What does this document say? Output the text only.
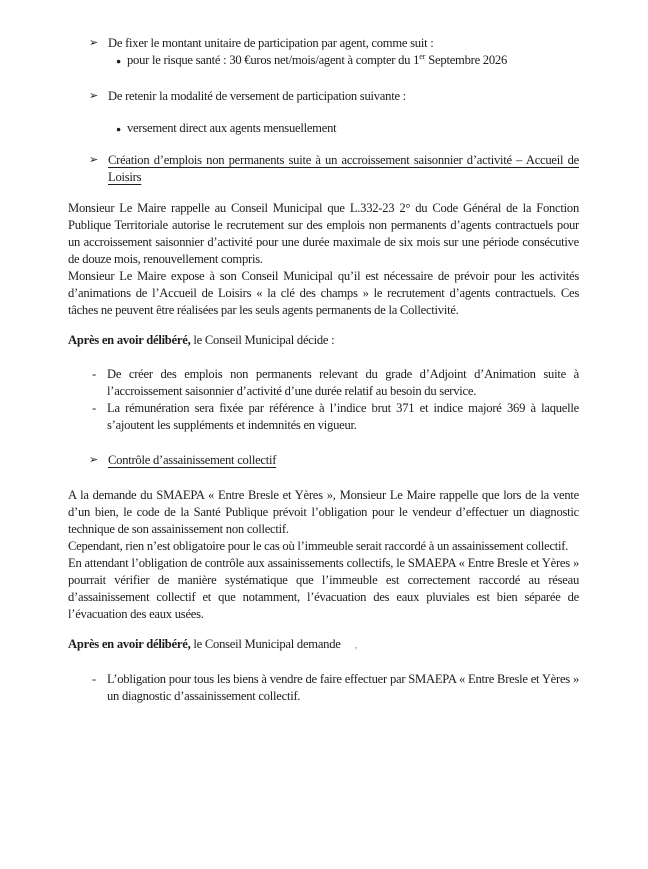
➢ De fixer le montant unitaire de participation par agent, comme suit :
● pour le risque santé : 30 €uros net/mois/agent à compter du 1er Septembre 2026
➢ De retenir la modalité de versement de participation suivante :
● versement direct aux agents mensuellement
➢ Création d’emplois non permanents suite à un accroissement saisonnier d’activité – Accueil de Loisirs

Monsieur Le Maire rappelle au Conseil Municipal que L.332-23 2° du Code Général de la Fonction Publique Territoriale autorise le recrutement sur des emplois non permanents d’agents contractuels pour un accroissement saisonnier d’activité pour une durée maximale de six mois sur une période consécutive de douze mois, renouvellement compris.

Monsieur Le Maire expose à son Conseil Municipal qu’il est nécessaire de prévoir pour les activités d’animations de l’Accueil de Loisirs « la clé des champs » le recrutement d’agents contractuels. Ces tâches ne peuvent être réalisées par les seuls agents permanents de la Collectivité.

Après en avoir délibéré, le Conseil Municipal décide :

- De créer des emplois non permanents relevant du grade d’Adjoint d’Animation suite à l’accroissement saisonnier d’activité d’une durée relatif au besoin du service.
- La rémunération sera fixée par référence à l’indice brut 371 et indice majoré 369 à laquelle s’ajoutent les suppléments et indemnités en vigueur.
➢ Contrôle d’assainissement collectif

A la demande du SMAEPA « Entre Bresle et Yères », Monsieur Le Maire rappelle que lors de la vente d’un bien, le code de la Santé Publique prévoit l’obligation pour le vendeur d’effectuer un diagnostic technique de son assainissement non collectif.

Cependant, rien n’est obligatoire pour le cas où l’immeuble serait raccordé à un assainissement collectif.

En attendant l’obligation de contrôle aux assainissements collectifs, le SMAEPA « Entre Bresle et Yères » pourrait vérifier de manière systématique que l’immeuble est correctement raccordé au réseau d’assainissement collectif et que notamment, l’évacuation des eaux pluviales est bien séparée de l’évacuation des eaux usées.

Après en avoir délibéré, le Conseil Municipal demande ,

- L’obligation pour tous les biens à vendre de faire effectuer par SMAEPA « Entre Bresle et Yères » un diagnostic d’assainissement collectif.
